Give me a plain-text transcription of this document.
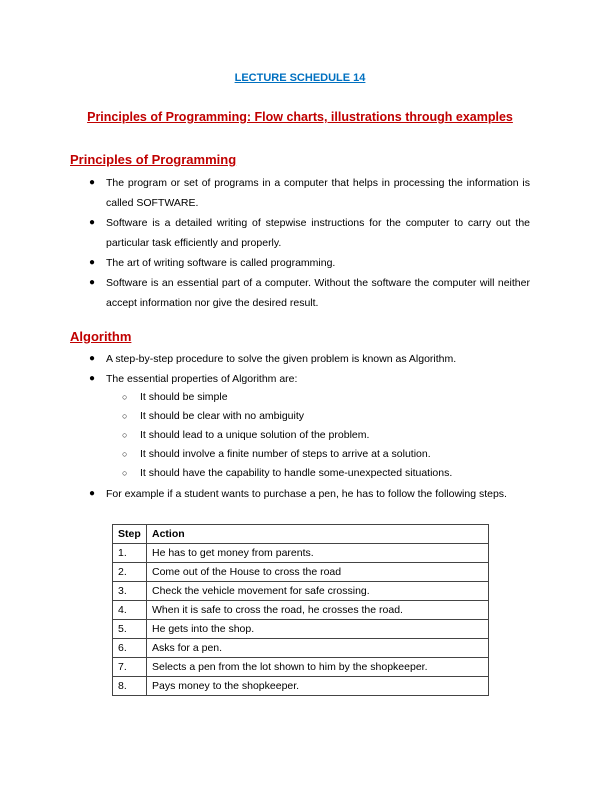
LECTURE SCHEDULE 14
Principles of Programming: Flow charts, illustrations through examples
Principles of Programming
● The program or set of programs in a computer that helps in processing the information is called SOFTWARE.
● Software is a detailed writing of stepwise instructions for the computer to carry out the particular task efficiently and properly.
● The art of writing software is called programming.
● Software is an essential part of a computer. Without the software the computer will neither accept information nor give the desired result.
Algorithm
● A step-by-step procedure to solve the given problem is known as Algorithm.
● The essential properties of Algorithm are:
○ It should be simple
○ It should be clear with no ambiguity
○ It should lead to a unique solution of the problem.
○ It should involve a finite number of steps to arrive at a solution.
○ It should have the capability to handle some-unexpected situations.
● For example if a student wants to purchase a pen, he has to follow the following steps.
Step	Action
1.	He has to get money from parents.
2.	Come out of the House to cross the road
3.	Check the vehicle movement for safe crossing.
4.	When it is safe to cross the road, he crosses the road.
5.	He gets into the shop.
6.	Asks for a pen.
7.	Selects a pen from the lot shown to him by the shopkeeper.
8.	Pays money to the shopkeeper.
